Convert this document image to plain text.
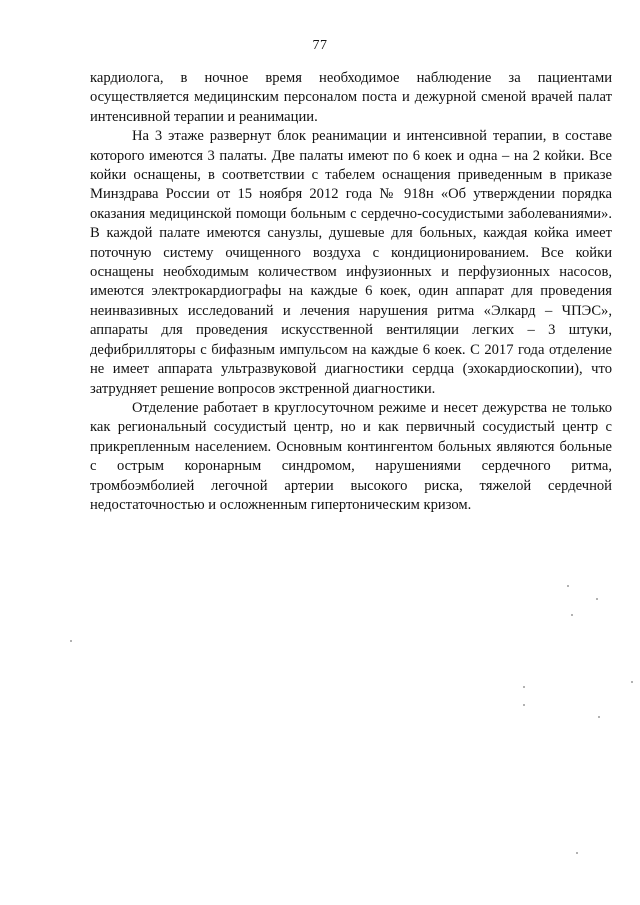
77

кардиолога, в ночное время необходимое наблюдение за пациентами осуществляется медицинским персоналом поста и дежурной сменой врачей палат интенсивной терапии и реанимации.

На 3 этаже развернут блок реанимации и интенсивной терапии, в составе которого имеются 3 палаты. Две палаты имеют по 6 коек и одна – на 2 койки. Все койки оснащены, в соответствии с табелем оснащения приведенным в приказе Минздрава России от 15 ноября 2012 года № 918н «Об утверждении порядка оказания медицинской помощи больным с сердечно-сосудистыми заболеваниями». В каждой палате имеются санузлы, душевые для больных, каждая койка имеет поточную систему очищенного воздуха с кондиционированием. Все койки оснащены необходимым количеством инфузионных и перфузионных насосов, имеются электрокардиографы на каждые 6 коек, один аппарат для проведения неинвазивных исследований и лечения нарушения ритма «Элкард – ЧПЭС», аппараты для проведения искусственной вентиляции легких – 3 штуки, дефибрилляторы с бифазным импульсом на каждые 6 коек. С 2017 года отделение не имеет аппарата ультразвуковой диагностики сердца (эхокардиоскопии), что затрудняет решение вопросов экстренной диагностики.

Отделение работает в круглосуточном режиме и несет дежурства не только как региональный сосудистый центр, но и как первичный сосудистый центр с прикрепленным населением. Основным контингентом больных являются больные с острым коронарным синдромом, нарушениями сердечного ритма, тромбоэмболией легочной артерии высокого риска, тяжелой сердечной недостаточностью и осложненным гипертоническим кризом.
